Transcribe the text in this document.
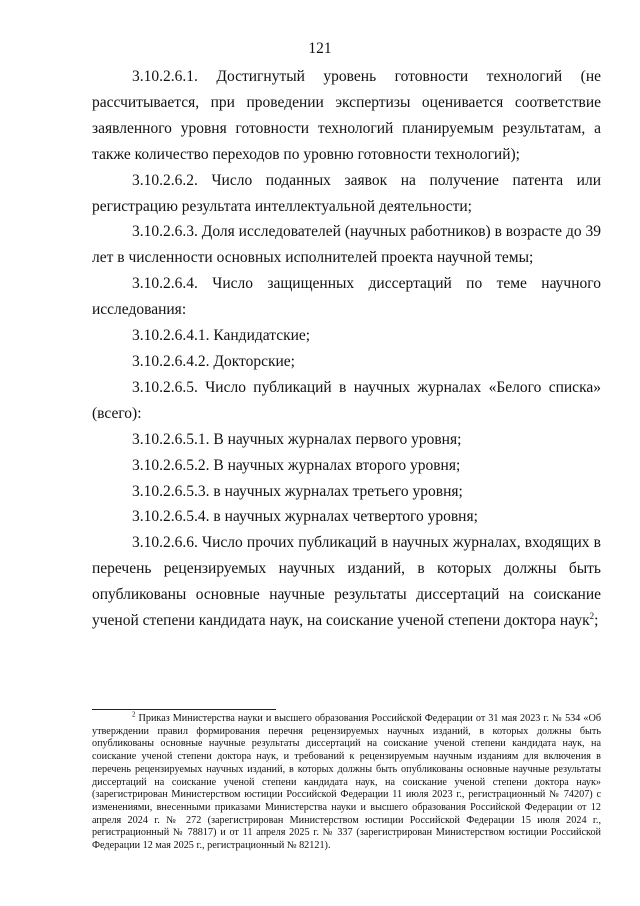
121

3.10.2.6.1. Достигнутый уровень готовности технологий (не рассчитывается, при проведении экспертизы оценивается соответствие заявленного уровня готовности технологий планируемым результатам, а также количество переходов по уровню готовности технологий);

3.10.2.6.2. Число поданных заявок на получение патента или регистрацию результата интеллектуальной деятельности;

3.10.2.6.3. Доля исследователей (научных работников) в возрасте до 39 лет в численности основных исполнителей проекта научной темы;

3.10.2.6.4. Число защищенных диссертаций по теме научного исследования:

3.10.2.6.4.1. Кандидатские;

3.10.2.6.4.2. Докторские;

3.10.2.6.5. Число публикаций в научных журналах «Белого списка» (всего):

3.10.2.6.5.1. В научных журналах первого уровня;

3.10.2.6.5.2. В научных журналах второго уровня;

3.10.2.6.5.3. в научных журналах третьего уровня;

3.10.2.6.5.4. в научных журналах четвертого уровня;

3.10.2.6.6. Число прочих публикаций в научных журналах, входящих в перечень рецензируемых научных изданий, в которых должны быть опубликованы основные научные результаты диссертаций на соискание ученой степени кандидата наук, на соискание ученой степени доктора наук$^2$;

$^2$ Приказ Министерства науки и высшего образования Российской Федерации от 31 мая 2023 г. № 534 «Об утверждении правил формирования перечня рецензируемых научных изданий, в которых должны быть опубликованы основные научные результаты диссертаций на соискание ученой степени кандидата наук, на соискание ученой степени доктора наук, и требований к рецензируемым научным изданиям для включения в перечень рецензируемых научных изданий, в которых должны быть опубликованы основные научные результаты диссертаций на соискание ученой степени кандидата наук, на соискание ученой степени доктора наук» (зарегистрирован Министерством юстиции Российской Федерации 11 июля 2023 г., регистрационный № 74207) с изменениями, внесенными приказами Министерства науки и высшего образования Российской Федерации от 12 апреля 2024 г. № 272 (зарегистрирован Министерством юстиции Российской Федерации 15 июля 2024 г., регистрационный № 78817) и от 11 апреля 2025 г. № 337 (зарегистрирован Министерством юстиции Российской Федерации 12 мая 2025 г., регистрационный № 82121).
